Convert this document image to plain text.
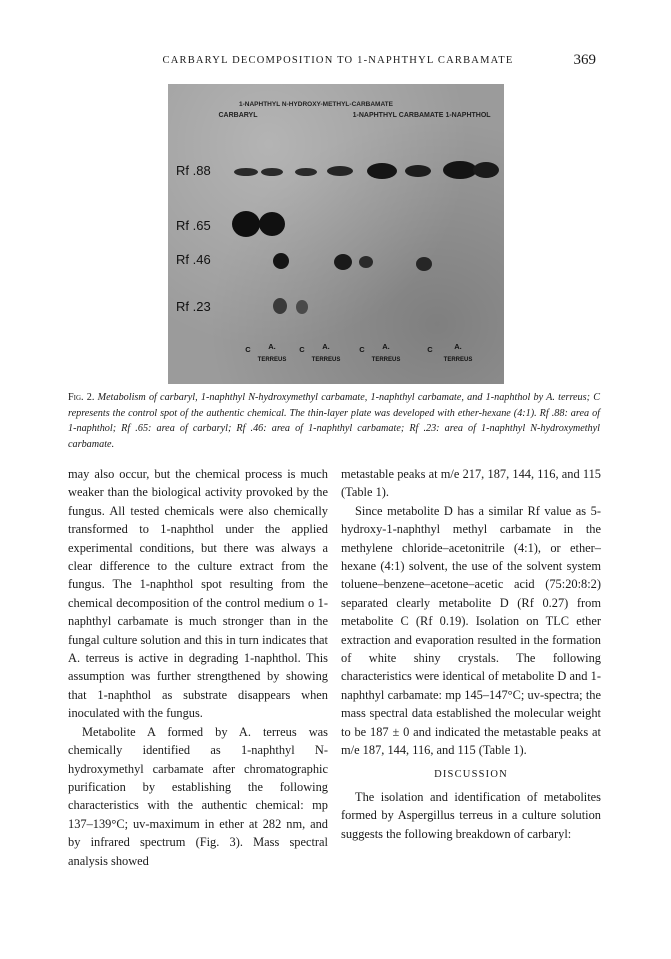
CARBARYL DECOMPOSITION TO 1-NAPHTHYL CARBAMATE	369
CARBARYL
1-NAPHTHYL N-HYDROXY-METHYL-CARBAMATE
1-NAPHTHYL CARBAMATE 1-NAPHTHOL
Rf .88
Rf .65
Rf .46
Rf .23
C A.
TERREUS
C A.
TERREUS
C A.
TERREUS
C	A.
TERREUS
Fig. 2. Metabolism of carbaryl, 1-naphthyl N-hydroxymethyl carbamate, 1-naphthyl carbamate, and 1-naphthol by A. terreus; C represents the control spot of the authentic chemical. The thin-layer plate was developed with ether-hexane (4:1). Rf .88: area of 1-naphthol; Rf .65: area of carbaryl; Rf .46: area of 1-naphthyl carbamate; Rf .23: area of 1-naphthyl N-hydroxymethyl carbamate.

may also occur, but the chemical process is much weaker than the biological activity provoked by the fungus. All tested chemicals were also chemically transformed to 1-naphthol under the applied experimental conditions, but there was always a clear difference to the culture extract from the fungus. The 1-naphthol spot resulting from the chemical decomposition of the control medium o 1-naphthyl carbamate is much stronger than in the fungal culture solution and this in turn indicates that A. terreus is active in degrading 1-naphthol. This assumption was further strengthened by showing that 1-naphthol as substrate disappears when inoculated with the fungus.

Metabolite A formed by A. terreus was chemically identified as 1-naphthyl N-hydroxymethyl carbamate after chromatographic purification by establishing the following characteristics with the authentic chemical: mp 137–139°C; uv-maximum in ether at 282 nm, and by infrared spectrum (Fig. 3). Mass spectral analysis showed

metastable peaks at m/e 217, 187, 144, 116, and 115 (Table 1).

Since metabolite D has a similar Rf value as 5-hydroxy-1-naphthyl methyl carbamate in the methylene chloride–acetonitrile (4:1), or ether–hexane (4:1) solvent, the use of the solvent system toluene–benzene–acetone–acetic acid (75:20:8:2) separated clearly metabolite D (Rf 0.27) from metabolite C (Rf 0.19). Isolation on TLC ether extraction and evaporation resulted in the formation of white shiny crystals. The following characteristics were identical of metabolite D and 1-naphthyl carbamate: mp 145–147°C; uv-spectra; the mass spectral data established the molecular weight to be 187 ± 0 and indicated the metastable peaks at m/e 187, 144, 116, and 115 (Table 1).

DISCUSSION

The isolation and identification of metabolites formed by Aspergillus terreus in a culture solution suggests the following breakdown of carbaryl:
